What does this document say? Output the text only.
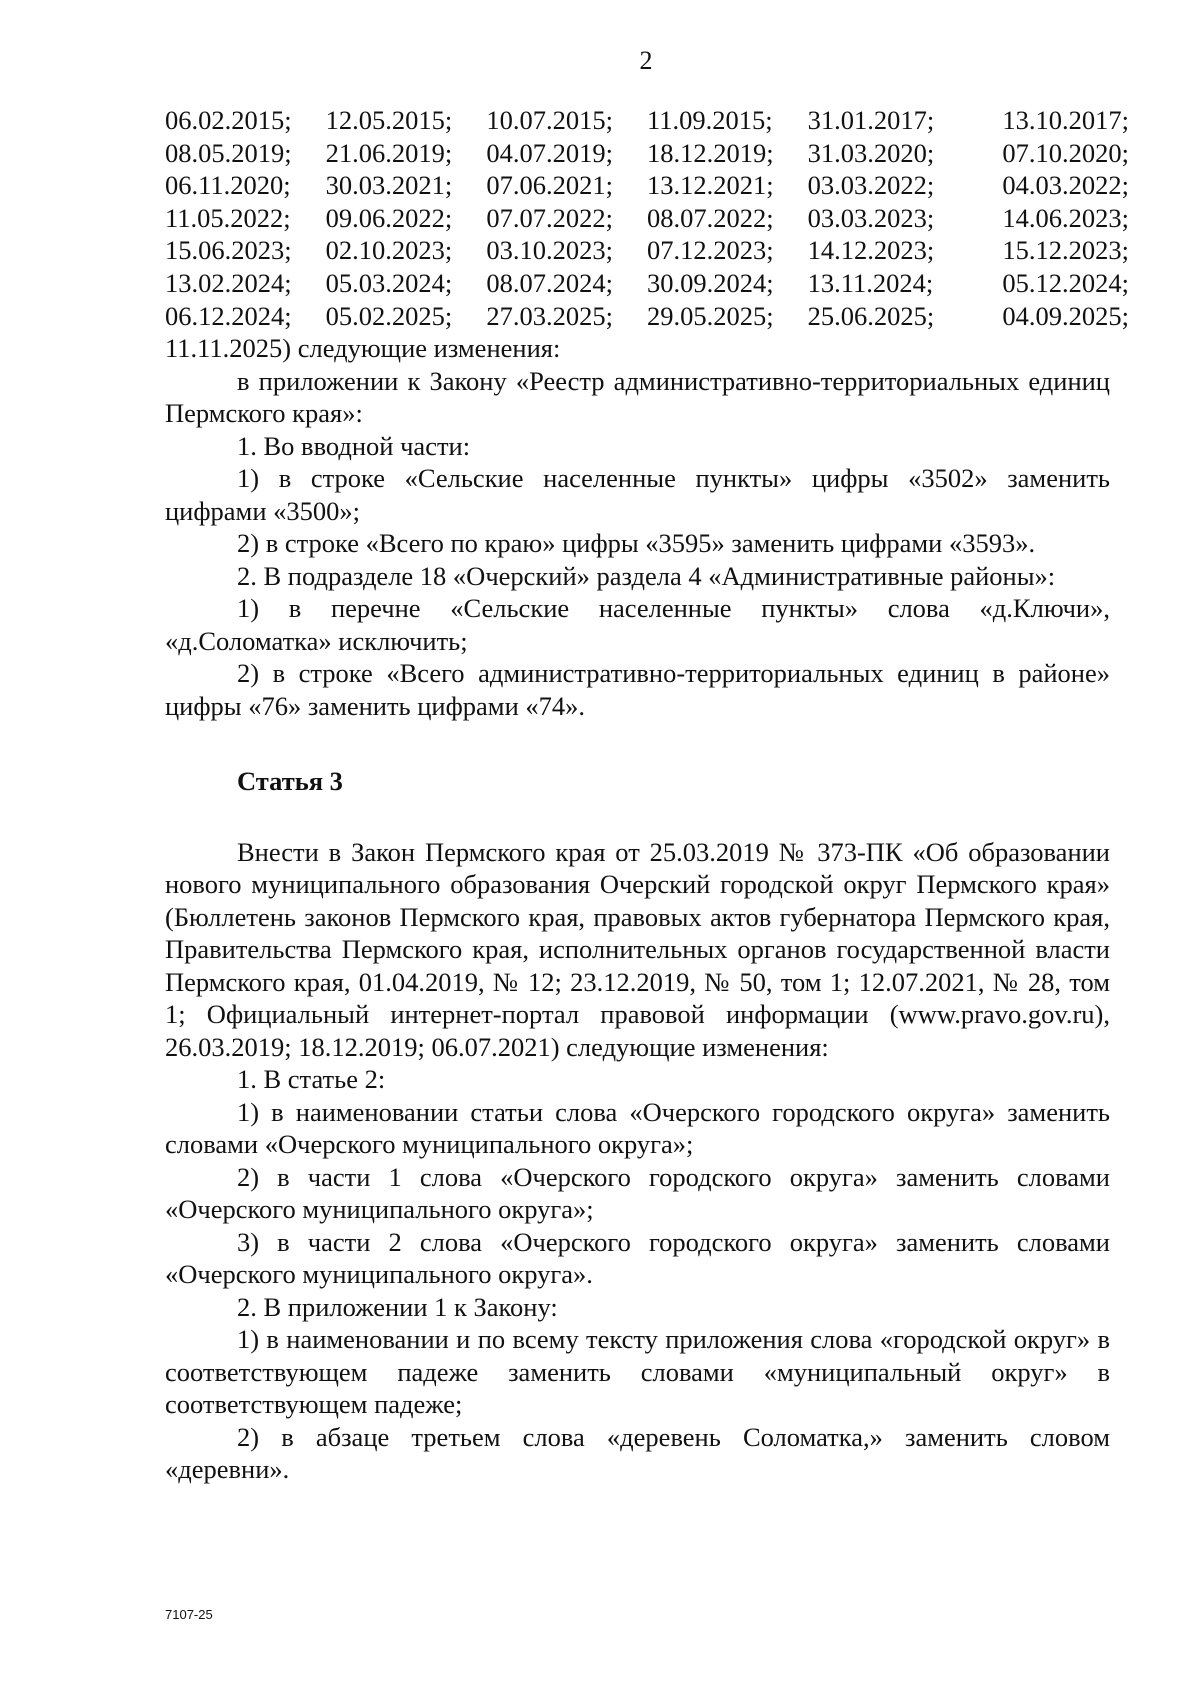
2
06.02.2015;	12.05.2015;	10.07.2015;	11.09.2015;	31.01.2017;	13.10.2017;
08.05.2019;	21.06.2019;	04.07.2019;	18.12.2019;	31.03.2020;	07.10.2020;
06.11.2020;	30.03.2021;	07.06.2021;	13.12.2021;	03.03.2022;	04.03.2022;
11.05.2022;	09.06.2022;	07.07.2022;	08.07.2022;	03.03.2023;	14.06.2023;
15.06.2023;	02.10.2023;	03.10.2023;	07.12.2023;	14.12.2023;	15.12.2023;
13.02.2024;	05.03.2024;	08.07.2024;	30.09.2024;	13.11.2024;	05.12.2024;
06.12.2024;	05.02.2025;	27.03.2025;	29.05.2025;	25.06.2025;	04.09.2025;

11.11.2025) следующие изменения:

в приложении к Закону «Реестр административно-территориальных единиц Пермского края»:

1. Во вводной части:

1) в строке «Сельские населенные пункты» цифры «3502» заменить цифрами «3500»;

2) в строке «Всего по краю» цифры «3595» заменить цифрами «3593».

2. В подразделе 18 «Очерский» раздела 4 «Административные районы»:

1) в перечне «Сельские населенные пункты» слова «д.Ключи», «д.Соломатка» исключить;

2) в строке «Всего административно-территориальных единиц в районе» цифры «76» заменить цифрами «74».

Статья 3

Внести в Закон Пермского края от 25.03.2019 № 373-ПК «Об образовании нового муниципального образования Очерский городской округ Пермского края» (Бюллетень законов Пермского края, правовых актов губернатора Пермского края, Правительства Пермского края, исполнительных органов государственной власти Пермского края, 01.04.2019, № 12; 23.12.2019, № 50, том 1; 12.07.2021, № 28, том 1; Официальный интернет-портал правовой информации (www.pravo.gov.ru), 26.03.2019; 18.12.2019; 06.07.2021) следующие изменения:

1. В статье 2:

1) в наименовании статьи слова «Очерского городского округа» заменить словами «Очерского муниципального округа»;

2) в части 1 слова «Очерского городского округа» заменить словами «Очерского муниципального округа»;

3) в части 2 слова «Очерского городского округа» заменить словами «Очерского муниципального округа».

2. В приложении 1 к Закону:

1) в наименовании и по всему тексту приложения слова «городской округ» в соответствующем падеже заменить словами «муниципальный округ» в соответствующем падеже;

2) в абзаце третьем слова «деревень Соломатка,» заменить словом «деревни».

7107-25
